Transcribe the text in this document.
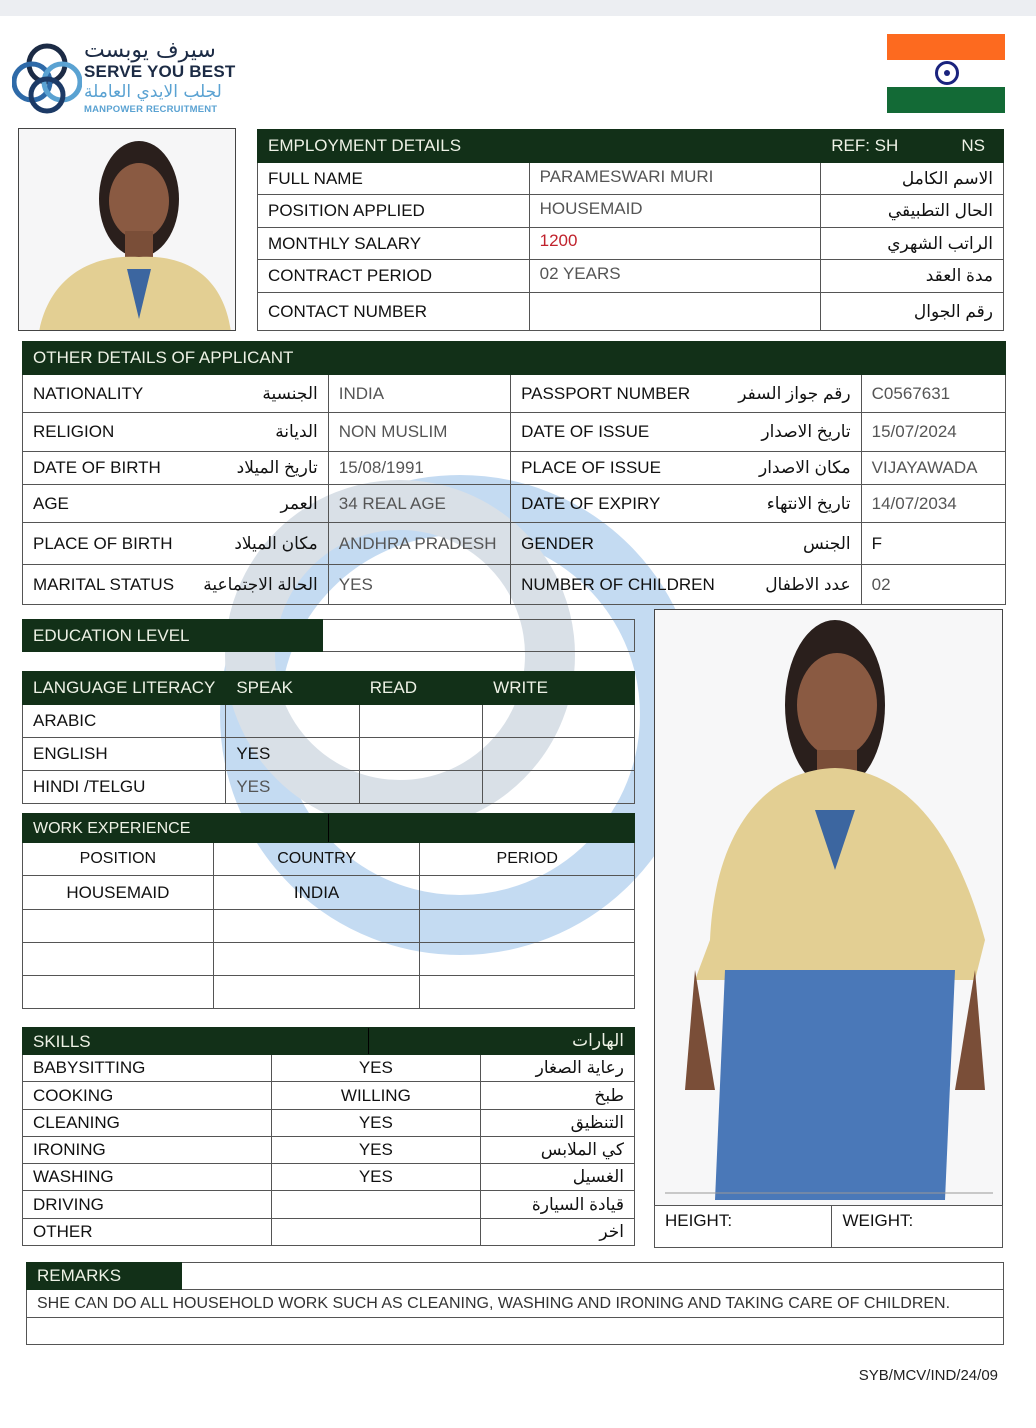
سيرف يوبست
SERVE YOU BEST
لجلب الايدي العاملة
MANPOWER RECRUITMENT
EMPLOYMENT DETAILS		REF: SH NS

FULL NAME	PARAMESWARI MURI	الاسم الكامل
POSITION APPLIED	HOUSEMAID	الحال التطبيقي
MONTHLY SALARY	1200	الراتب الشهري
CONTRACT PERIOD	02 YEARS	مدة العقد
CONTACT NUMBER		رقم الجوال
OTHER DETAILS OF APPLICANT					
NATIONALITY	الجنسية	INDIA	PASSPORT NUMBER	رقم جواز السفر	C0567631
RELIGION	الديانة	NON MUSLIM	DATE OF ISSUE	تاريخ الاصدار	15/07/2024
DATE OF BIRTH	تاريخ الميلاد	15/08/1991	PLACE OF ISSUE	مكان الاصدار	VIJAYAWADA
AGE	العمر	34 REAL AGE	DATE OF EXPIRY	تاريخ الانتهاء	14/07/2034
PLACE OF BIRTH	مكان الميلاد	ANDHRA PRADESH	GENDER	الجنس	F
MARITAL STATUS	الحالة الاجتماعية	YES	NUMBER OF CHILDREN	عدد الاطفال	02
EDUCATION LEVEL	
LANGUAGE LITERACY	SPEAK	READ	WRITE
ARABIC			
ENGLISH	YES		
HINDI /TELGU	YES		
WORK EXPERIENCE		

POSITION	COUNTRY	PERIOD
HOUSEMAID	INDIA	

SKILLS		الهارات
BABYSITTING	YES	رعاية الصغار
COOKING	WILLING	طبخ
CLEANING	YES	التنظيق
IRONING	YES	كي الملابس
WASHING	YES	الغسيل
DRIVING		قيادة السيارة
OTHER		اخر
HEIGHT:	WEIGHT:
REMARKS	
SHE CAN DO ALL HOUSEHOLD WORK SUCH AS CLEANING, WASHING AND IRONING AND TAKING CARE OF CHILDREN.

SYB/MCV/IND/24/09
